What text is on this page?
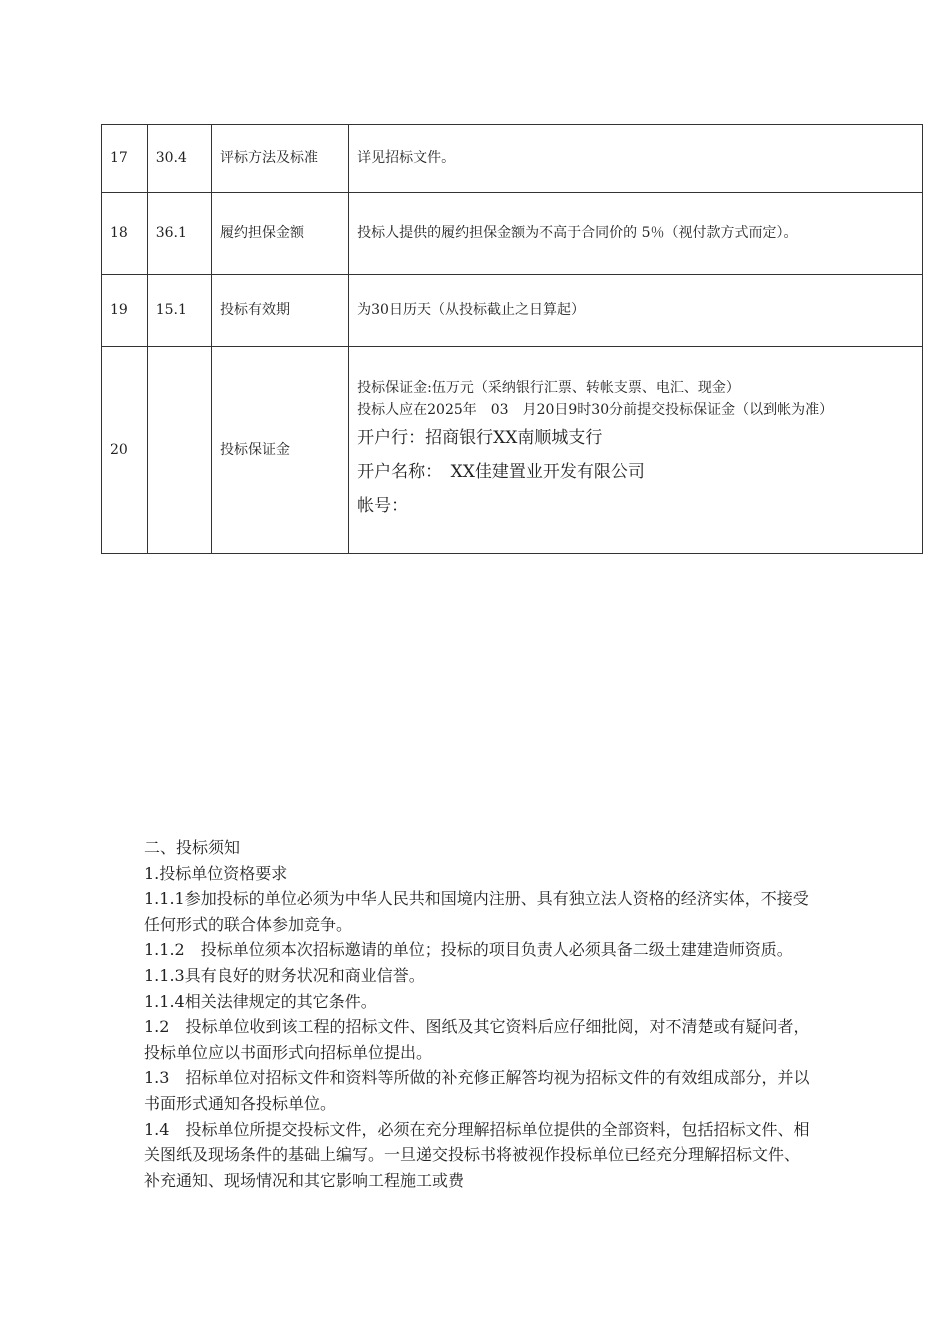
17	30.4	评标方法及标准	详见招标文件。

18	36.1	履约担保金额	投标人提供的履约担保金额为不高于合同价的 5％（视付款方式而定）。

19	15.1	投标有效期	为30日历天（从投标截止之日算起）

20		投标保证金	投标保证金:伍万元（采纳银行汇票、转帐支票、电汇、现金）
投标人应在2025年　03　月20日9时30分前提交投标保证金（以到帐为准）
开户行：招商银行XX南顺城支行
开户名称：　XX佳建置业开发有限公司
帐号：

二、投标须知

1.投标单位资格要求

1.1.1参加投标的单位必须为中华人民共和国境内注册、具有独立法人资格的经济实体，不接受任何形式的联合体参加竞争。

1.1.2　投标单位须本次招标邀请的单位；投标的项目负责人必须具备二级土建建造师资质。

1.1.3具有良好的财务状况和商业信誉。

1.1.4相关法律规定的其它条件。

1.2　投标单位收到该工程的招标文件、图纸及其它资料后应仔细批阅，对不清楚或有疑问者，投标单位应以书面形式向招标单位提出。

1.3　招标单位对招标文件和资料等所做的补充修正解答均视为招标文件的有效组成部分，并以书面形式通知各投标单位。

1.4　投标单位所提交投标文件，必须在充分理解招标单位提供的全部资料，包括招标文件、相关图纸及现场条件的基础上编写。一旦递交投标书将被视作投标单位已经充分理解招标文件、补充通知、现场情况和其它影响工程施工或费
